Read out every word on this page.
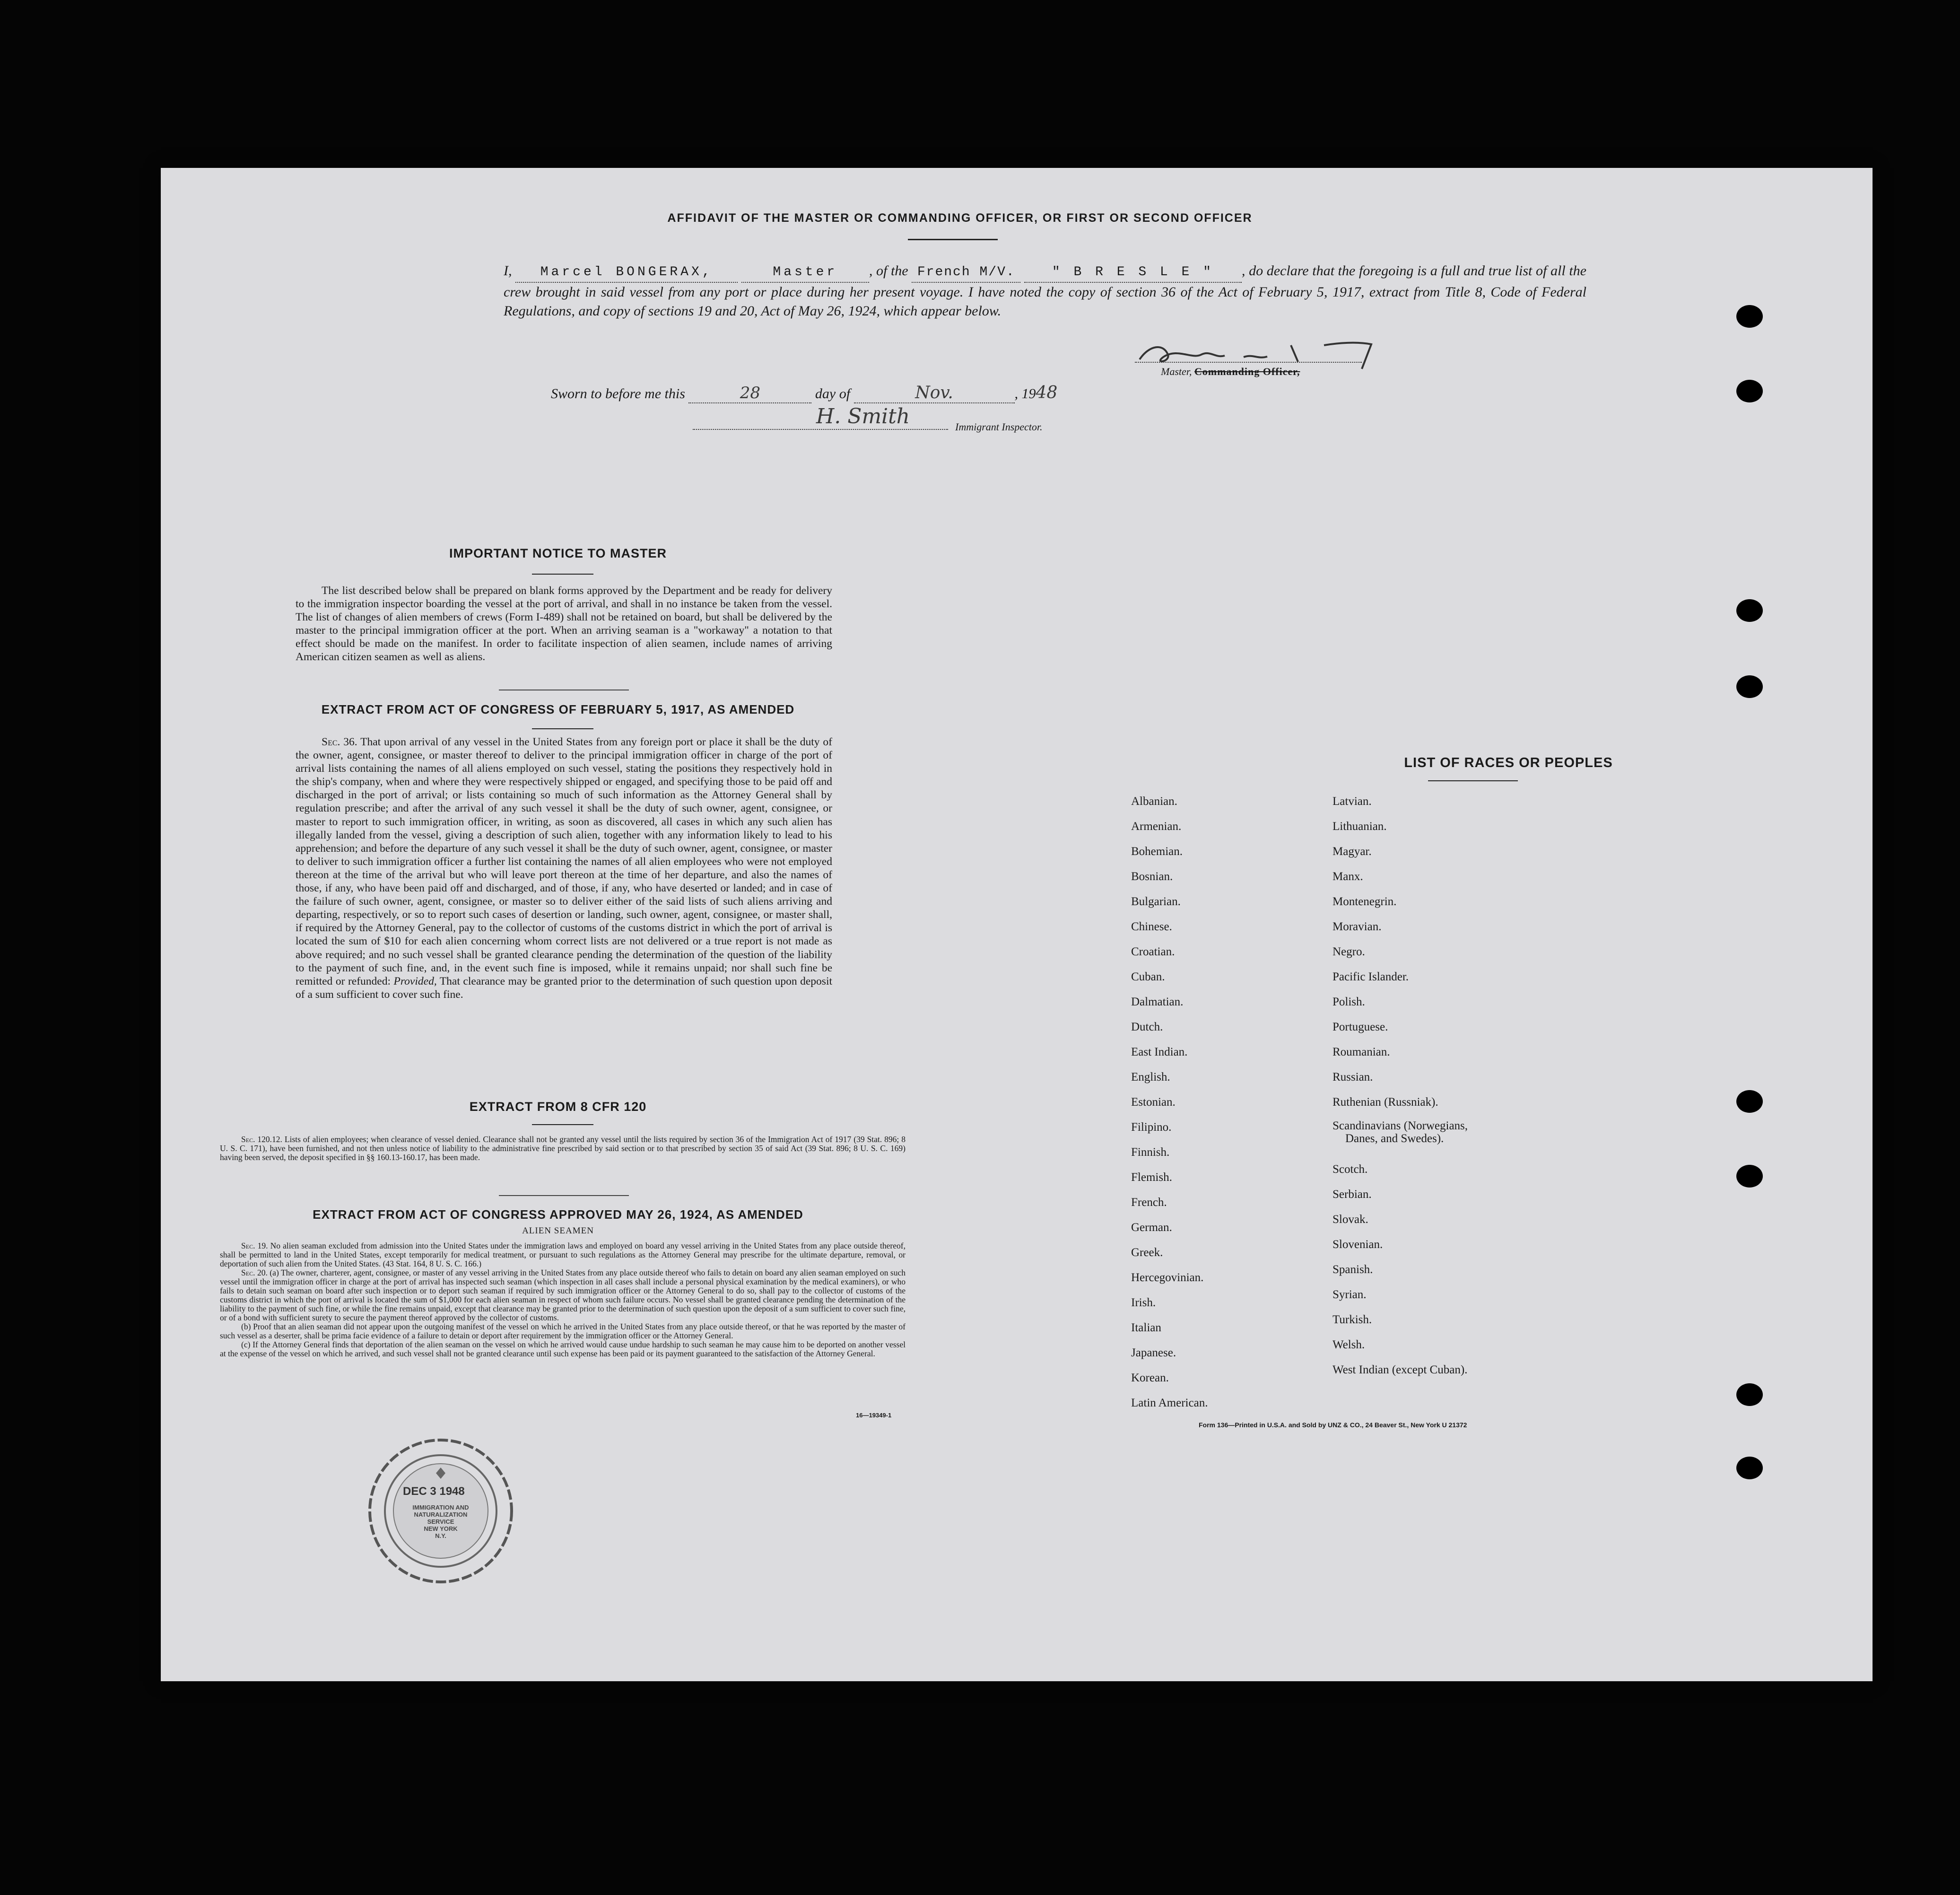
AFFIDAVIT OF THE MASTER OR COMMANDING OFFICER, OR FIRST OR SECOND OFFICER
I, Marcel BONGERAX,	Master , of the French M/V.	" B R E S L E " , do declare that the foregoing is a full and true list of all the crew brought in said vessel from any port or place during her present voyage. I have noted the copy of section 36 of the Act of February 5, 1917, extract from Title 8, Code of Federal Regulations, and copy of sections 19 and 20, Act of May 26, 1924, which appear below.
Master, Commanding Officer,
Sworn to before me this	28	day of	Nov.	, 1948
H. Smith	Immigrant Inspector.
IMPORTANT NOTICE TO MASTER
The list described below shall be prepared on blank forms approved by the Department and be ready for delivery to the immigration inspector boarding the vessel at the port of arrival, and shall in no instance be taken from the vessel. The list of changes of alien members of crews (Form I-489) shall not be retained on board, but shall be delivered by the master to the principal immigration officer at the port. When an arriving seaman is a "workaway" a notation to that effect should be made on the manifest. In order to facilitate inspection of alien seamen, include names of arriving American citizen seamen as well as aliens.
EXTRACT FROM ACT OF CONGRESS OF FEBRUARY 5, 1917, AS AMENDED
Sec. 36. That upon arrival of any vessel in the United States from any foreign port or place it shall be the duty of the owner, agent, consignee, or master thereof to deliver to the principal immigration officer in charge of the port of arrival lists containing the names of all aliens employed on such vessel, stating the positions they respectively hold in the ship's company, when and where they were respectively shipped or engaged, and specifying those to be paid off and discharged in the port of arrival; or lists containing so much of such information as the Attorney General shall by regulation prescribe; and after the arrival of any such vessel it shall be the duty of such owner, agent, consignee, or master to report to such immigration officer, in writing, as soon as discovered, all cases in which any such alien has illegally landed from the vessel, giving a description of such alien, together with any information likely to lead to his apprehension; and before the departure of any such vessel it shall be the duty of such owner, agent, consignee, or master to deliver to such immigration officer a further list containing the names of all alien employees who were not employed thereon at the time of the arrival but who will leave port thereon at the time of her departure, and also the names of those, if any, who have been paid off and discharged, and of those, if any, who have deserted or landed; and in case of the failure of such owner, agent, consignee, or master so to deliver either of the said lists of such aliens arriving and departing, respectively, or so to report such cases of desertion or landing, such owner, agent, consignee, or master shall, if required by the Attorney General, pay to the collector of customs of the customs district in which the port of arrival is located the sum of $10 for each alien concerning whom correct lists are not delivered or a true report is not made as above required; and no such vessel shall be granted clearance pending the determination of the question of the liability to the payment of such fine, and, in the event such fine is imposed, while it remains unpaid; nor shall such fine be remitted or refunded: Provided, That clearance may be granted prior to the determination of such question upon deposit of a sum sufficient to cover such fine.
EXTRACT FROM 8 CFR 120
Sec. 120.12. Lists of alien employees; when clearance of vessel denied. Clearance shall not be granted any vessel until the lists required by section 36 of the Immigration Act of 1917 (39 Stat. 896; 8 U. S. C. 171), have been furnished, and not then unless notice of liability to the administrative fine prescribed by said section or to that prescribed by section 35 of said Act (39 Stat. 896; 8 U. S. C. 169) having been served, the deposit specified in §§ 160.13-160.17, has been made.
EXTRACT FROM ACT OF CONGRESS APPROVED MAY 26, 1924, AS AMENDED
ALIEN SEAMEN
Sec. 19. No alien seaman excluded from admission into the United States under the immigration laws and employed on board any vessel arriving in the United States from any place outside thereof, shall be permitted to land in the United States, except temporarily for medical treatment, or pursuant to such regulations as the Attorney General may prescribe for the ultimate departure, removal, or deportation of such alien from the United States. (43 Stat. 164, 8 U. S. C. 166.)
Sec. 20. (a) The owner, charterer, agent, consignee, or master of any vessel arriving in the United States from any place outside thereof who fails to detain on board any alien seaman employed on such vessel until the immigration officer in charge at the port of arrival has inspected such seaman (which inspection in all cases shall include a personal physical examination by the medical examiners), or who fails to detain such seaman on board after such inspection or to deport such seaman if required by such immigration officer or the Attorney General to do so, shall pay to the collector of customs of the customs district in which the port of arrival is located the sum of $1,000 for each alien seaman in respect of whom such failure occurs. No vessel shall be granted clearance pending the determination of the liability to the payment of such fine, or while the fine remains unpaid, except that clearance may be granted prior to the determination of such question upon the deposit of a sum sufficient to cover such fine, or of a bond with sufficient surety to secure the payment thereof approved by the collector of customs.
(b) Proof that an alien seaman did not appear upon the outgoing manifest of the vessel on which he arrived in the United States from any place outside thereof, or that he was reported by the master of such vessel as a deserter, shall be prima facie evidence of a failure to detain or deport after requirement by the immigration officer or the Attorney General.
(c) If the Attorney General finds that deportation of the alien seaman on the vessel on which he arrived would cause undue hardship to such seaman he may cause him to be deported on another vessel at the expense of the vessel on which he arrived, and such vessel shall not be granted clearance until such expense has been paid or its payment guaranteed to the satisfaction of the Attorney General.
16—19349-1
LIST OF RACES OR PEOPLES
Albanian.
Armenian.
Bohemian.
Bosnian.
Bulgarian.
Chinese.
Croatian.
Cuban.
Dalmatian.
Dutch.
East Indian.
English.
Estonian.
Filipino.
Finnish.
Flemish.
French.
German.
Greek.
Hercegovinian.
Irish.
Italian
Japanese.
Korean.
Latin American.
Latvian.
Lithuanian.
Magyar.
Manx.
Montenegrin.
Moravian.
Negro.
Pacific Islander.
Polish.
Portuguese.
Roumanian.
Russian.
Ruthenian (Russniak).
Scandinavians (Norwegians,
Danes, and Swedes).
Scotch.
Serbian.
Slovak.
Slovenian.
Spanish.
Syrian.
Turkish.
Welsh.
West Indian (except Cuban).
Form 136—Printed in U.S.A. and Sold by UNZ & CO., 24 Beaver St., New York U 21372
DEC 3 1948
IMMIGRATION AND
NATURALIZATION
SERVICE
NEW YORK
N.Y.
